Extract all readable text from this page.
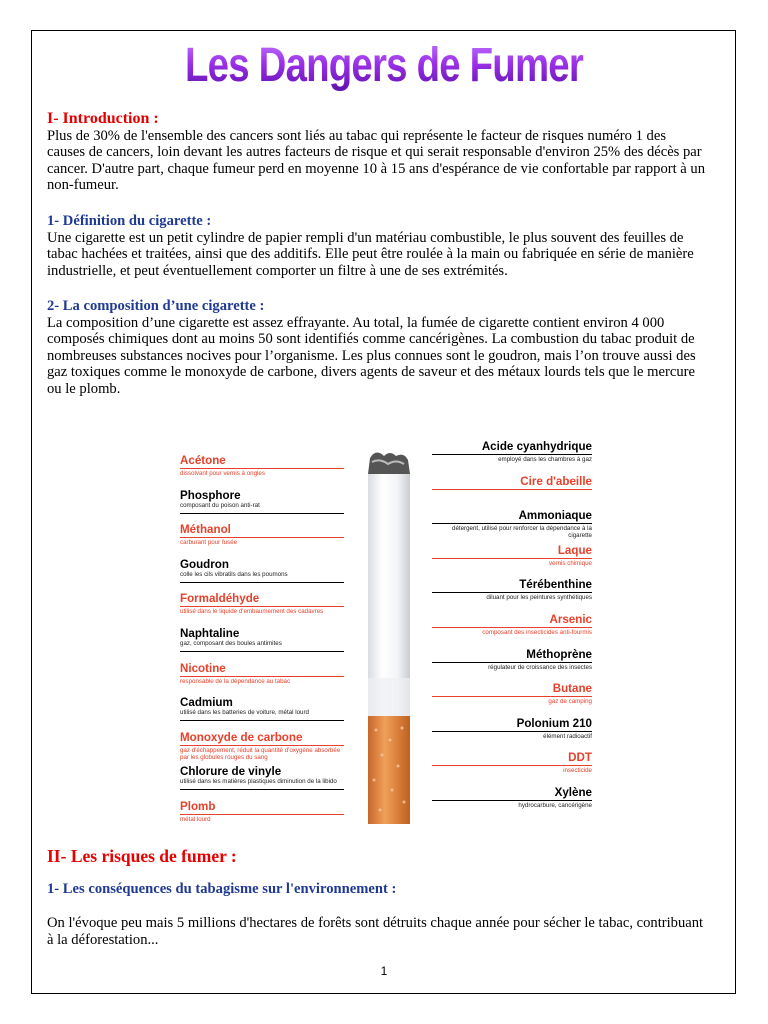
Les Dangers de Fumer
I- Introduction :

Plus de 30% de l'ensemble des cancers sont liés au tabac qui représente le facteur de risques numéro 1 des causes de cancers, loin devant les autres facteurs de risque et qui serait responsable d'environ 25% des décès par cancer. D'autre part, chaque fumeur perd en moyenne 10 à 15 ans d'espérance de vie confortable par rapport à un non-fumeur.

1- Définition du cigarette :

Une cigarette est un petit cylindre de papier rempli d'un matériau combustible, le plus souvent des feuilles de tabac hachées et traitées, ainsi que des additifs. Elle peut être roulée à la main ou fabriquée en série de manière industrielle, et peut éventuellement comporter un filtre à une de ses extrémités.

2- La composition d’une cigarette :

La composition d’une cigarette est assez effrayante. Au total, la fumée de cigarette contient environ 4 000 composés chimiques dont au moins 50 sont identifiés comme cancérigènes. La combustion du tabac produit de nombreuses substances nocives pour l’organisme. Les plus connues sont le goudron, mais l’on trouve aussi des gaz toxiques comme le monoxyde de carbone, divers agents de saveur et des métaux lourds tels que le mercure ou le plomb.

Acétone
dissolvant pour vernis à ongles
Phosphore
composant du poison anti-rat
Méthanol
carburant pour fusée
Goudron
colle les cils vibratils dans les poumons
Formaldéhyde
utilisé dans le liquide d'embaumement des cadavres
Naphtaline
gaz, composant des boules antimites
Nicotine
responsable de la dépendance au tabac
Cadmium
utilisé dans les batteries de voiture, métal lourd
Monoxyde de carbone
gaz d'échappement, réduit la quantité d'oxygène absorbée par les globules rouges du sang
Chlorure de vinyle
utilisé dans les matières plastiques diminution de la libido
Plomb
métal lourd
Acide cyanhydrique
employé dans les chambres à gaz
Cire d'abeille
Ammoniaque
détergent, utilisé pour renforcer la dépendance à la cigarette
Laque
vernis chimique
Térébenthine
diluant pour les peintures synthétiques
Arsenic
composant des insecticides anti-fourmis
Méthoprène
régulateur de croissance des insectes
Butane
gaz de camping
Polonium 210
élément radioactif
DDT
insecticide
Xylène
hydrocarbure, cancérigène
II- Les risques de fumer :
1- Les conséquences du tabagisme sur l'environnement :

On l'évoque peu mais 5 millions d'hectares de forêts sont détruits chaque année pour sécher le tabac, contribuant à la déforestation...

1
